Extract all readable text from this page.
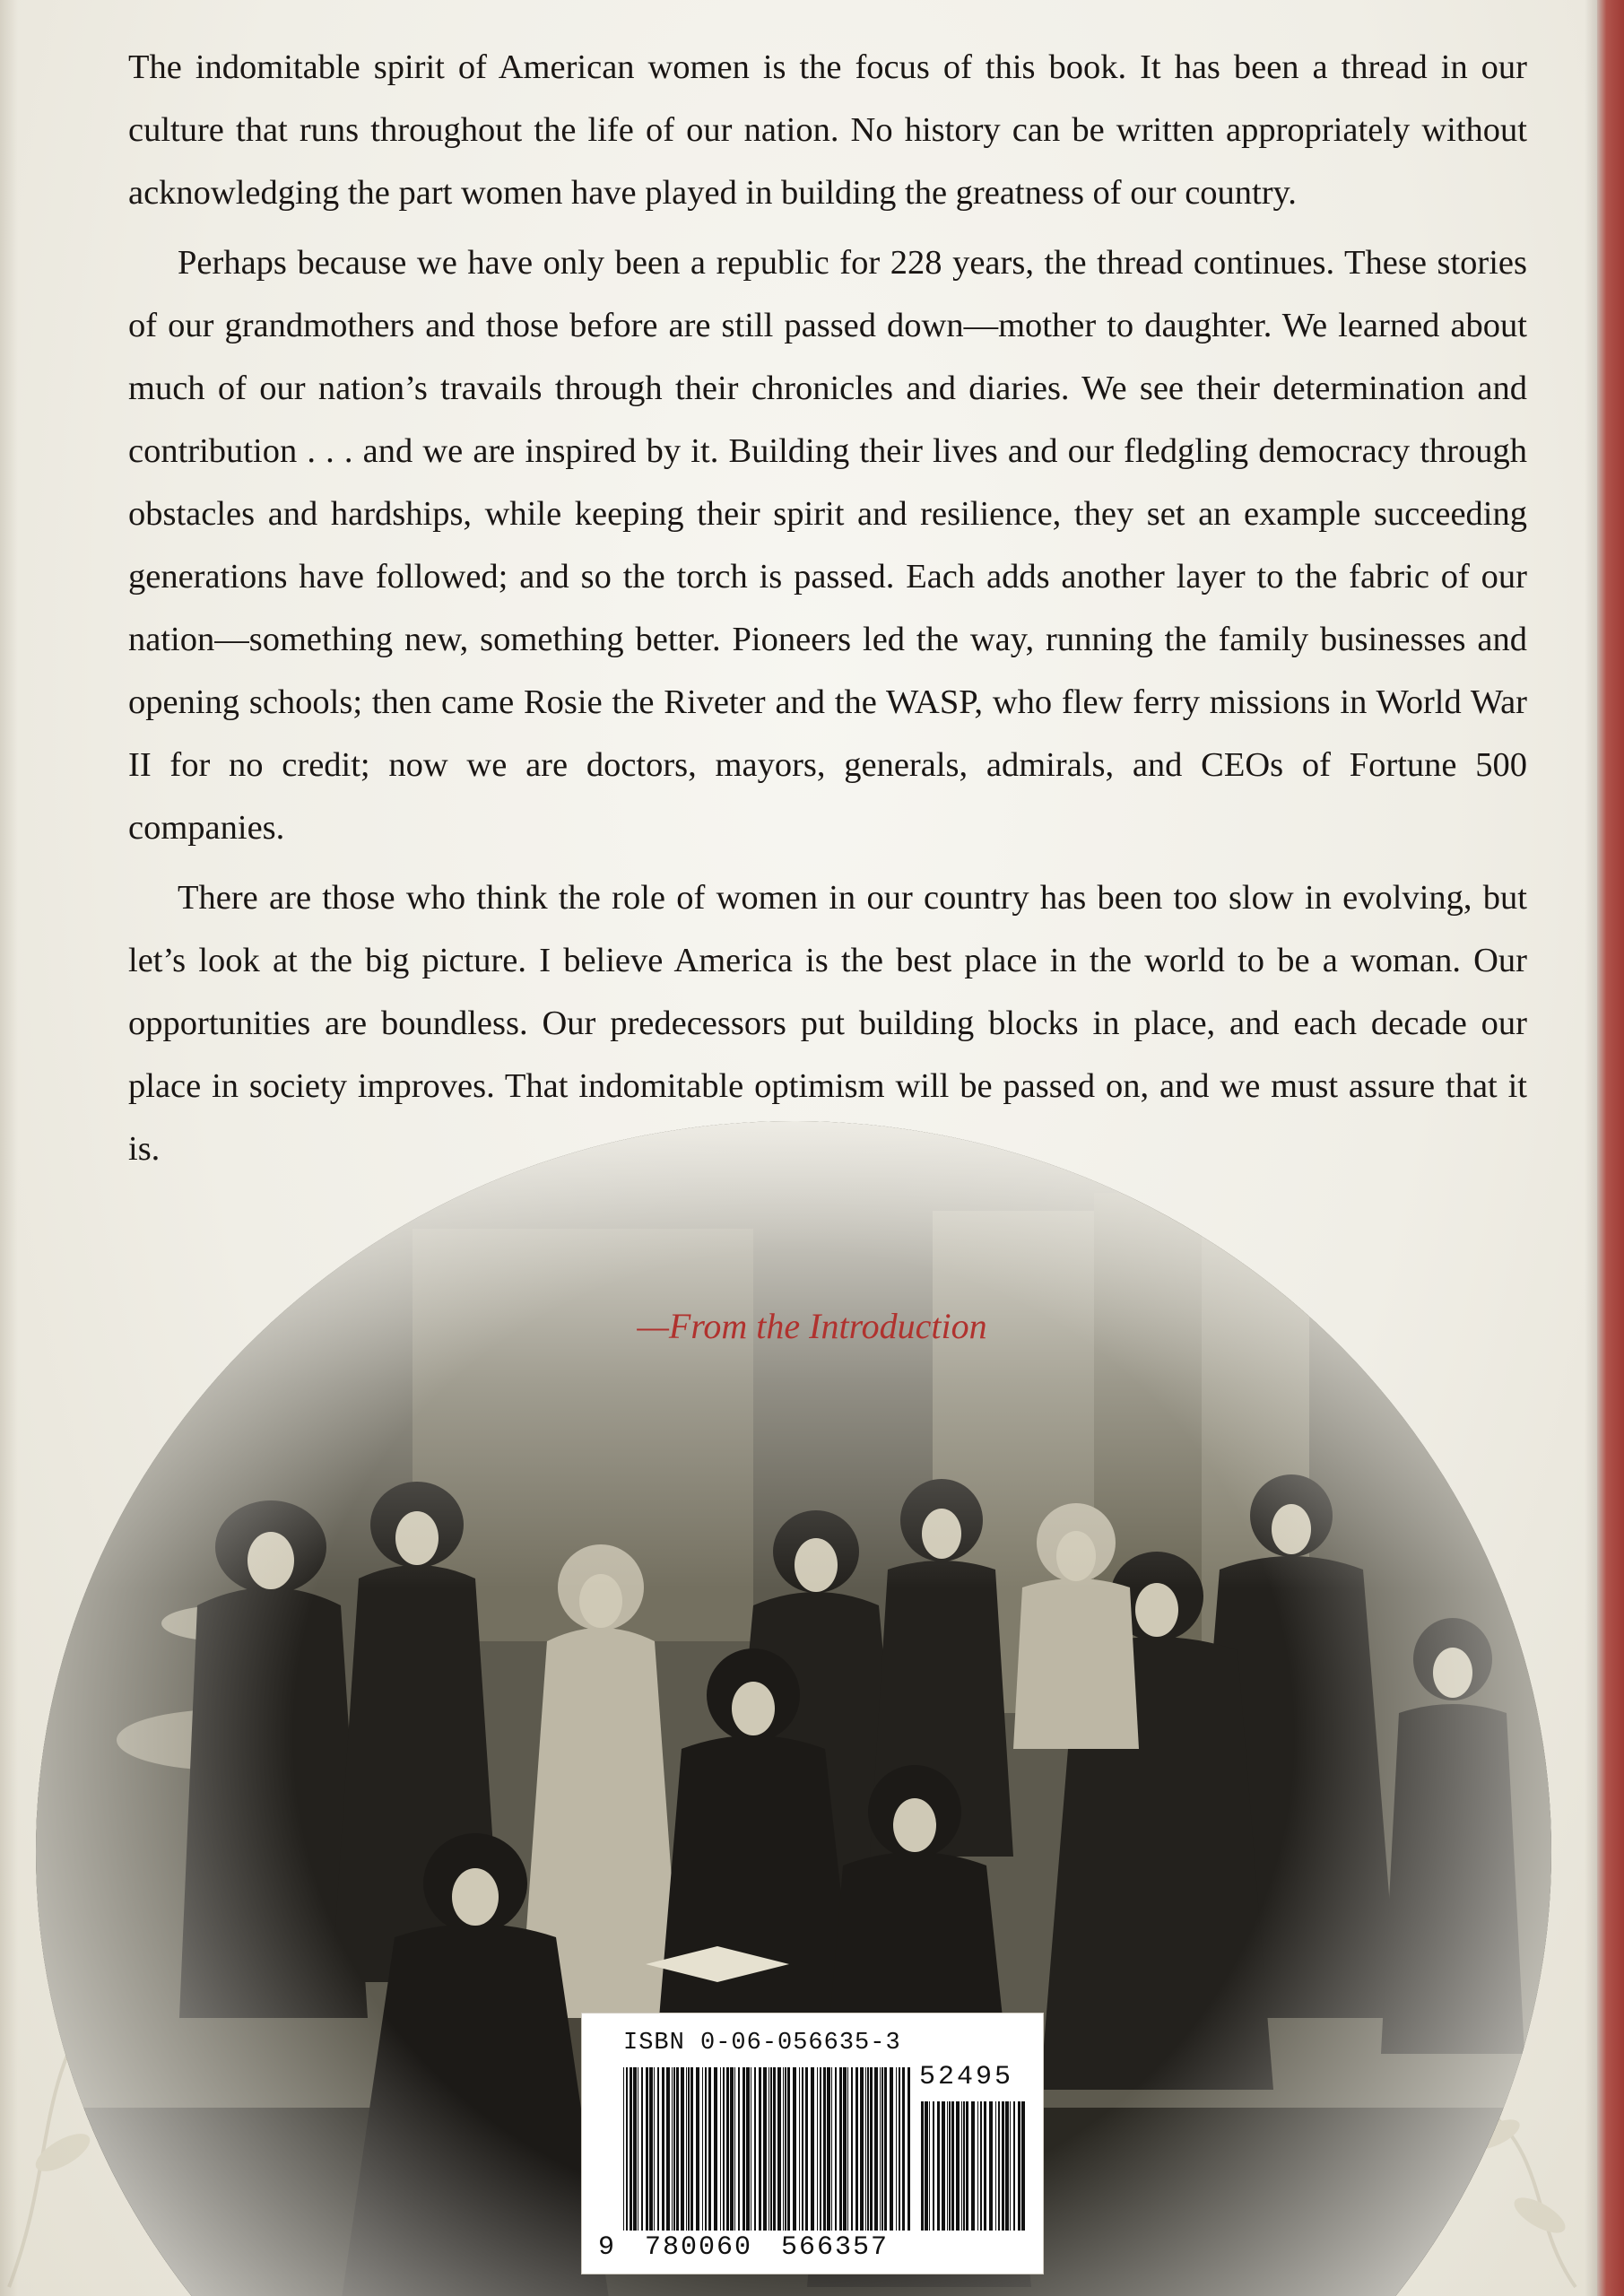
The indomitable spirit of American women is the focus of this book. It has been a thread in our culture that runs throughout the life of our nation. No history can be written appropriately without acknowledging the part women have played in building the greatness of our country.

Perhaps because we have only been a republic for 228 years, the thread continues. These stories of our grandmothers and those before are still passed down—mother to daughter. We learned about much of our nation’s travails through their chronicles and diaries. We see their determination and contribution . . . and we are inspired by it. Building their lives and our fledgling democracy through obstacles and hardships, while keeping their spirit and resilience, they set an example succeeding generations have followed; and so the torch is passed. Each adds another layer to the fabric of our nation—something new, something better. Pioneers led the way, running the family businesses and opening schools; then came Rosie the Riveter and the WASP, who flew ferry missions in World War II for no credit; now we are doctors, mayors, generals, admirals, and CEOs of Fortune 500 companies.

There are those who think the role of women in our country has been too slow in evolving, but let’s look at the big picture. I believe America is the best place in the world to be a woman. Our opportunities are boundless. Our predecessors put building blocks in place, and each decade our place in society improves. That indomitable optimism will be passed on, and we must assure that it is.

—From the Introduction
ISBN 0-06-056635-3
52495
9 780060 566357
